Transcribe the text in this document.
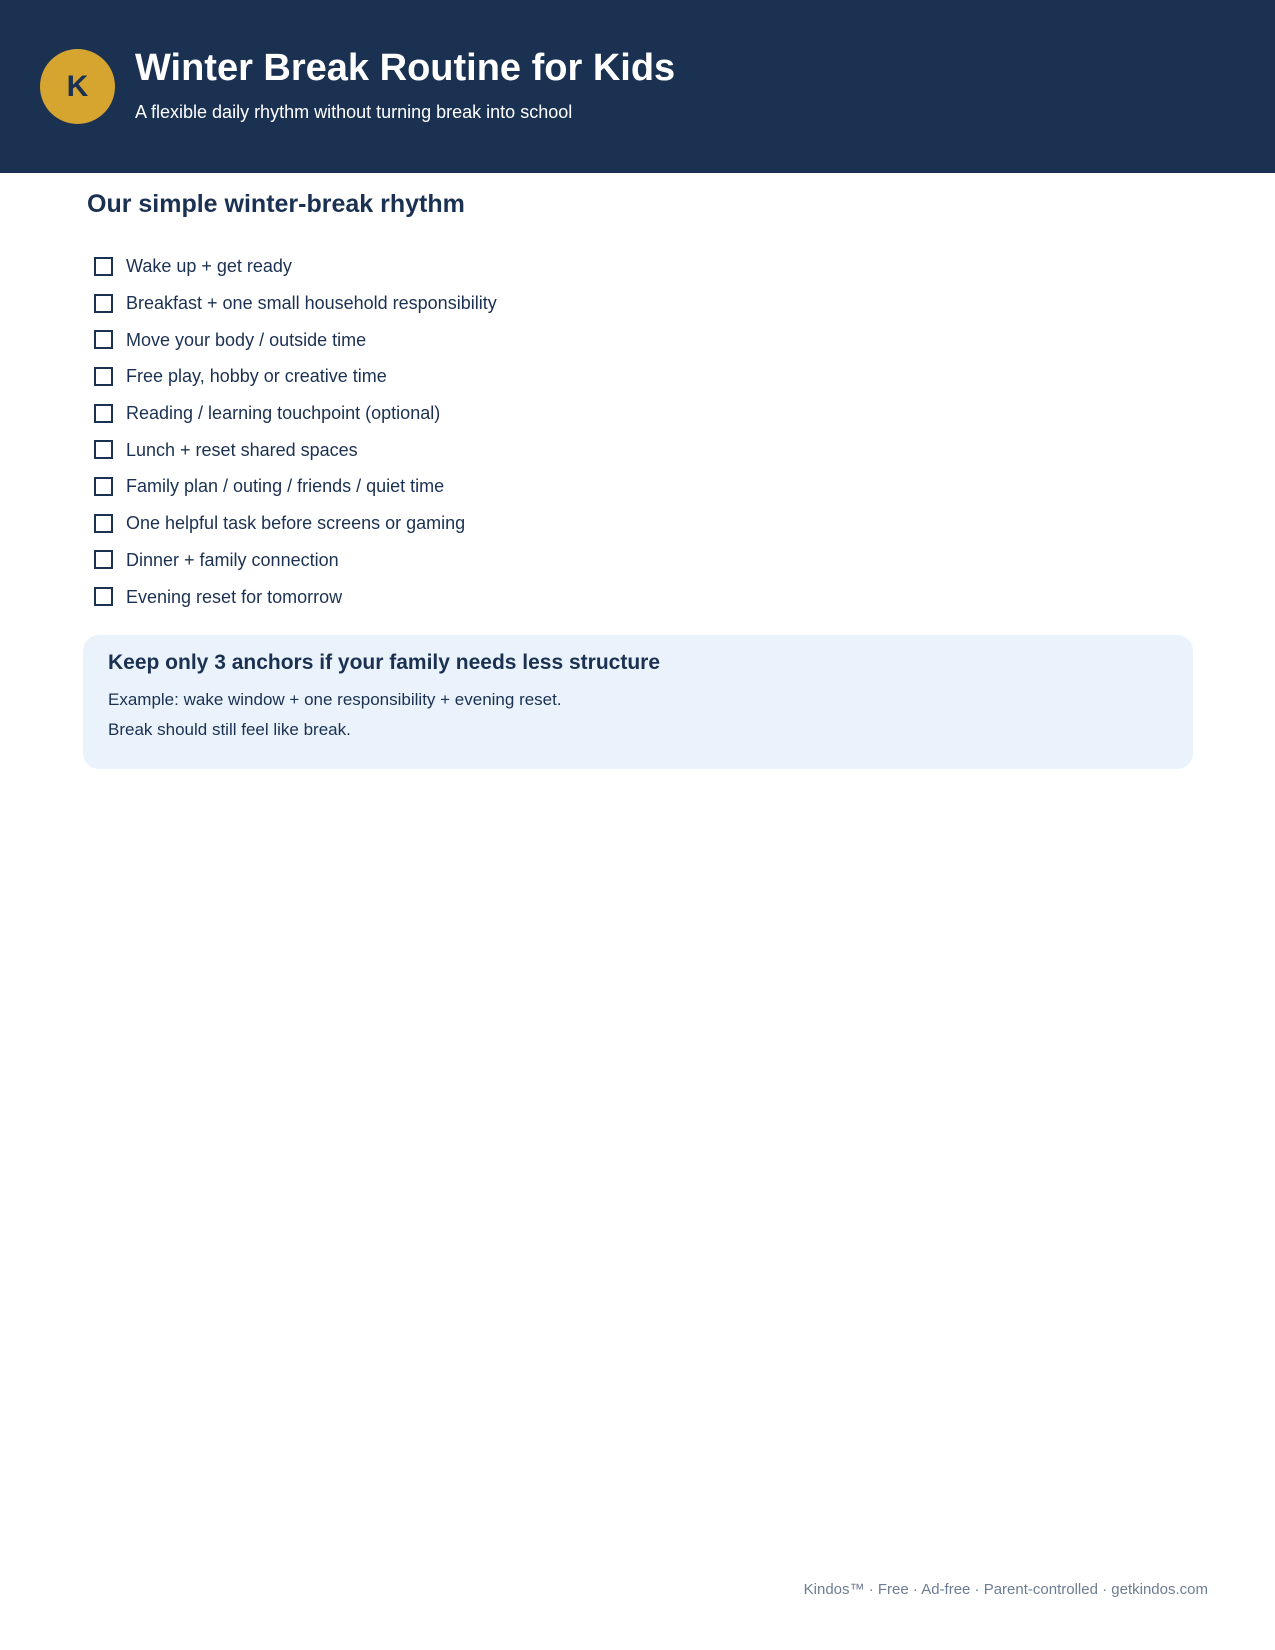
K	Winter Break Routine for Kids
A flexible daily rhythm without turning break into school
Our simple winter-break rhythm
Wake up + get ready
Breakfast + one small household responsibility
Move your body / outside time
Free play, hobby or creative time
Reading / learning touchpoint (optional)
Lunch + reset shared spaces
Family plan / outing / friends / quiet time
One helpful task before screens or gaming
Dinner + family connection
Evening reset for tomorrow
Keep only 3 anchors if your family needs less structure
Example: wake window + one responsibility + evening reset.
Break should still feel like break.
Kindos™ · Free · Ad-free · Parent-controlled · getkindos.com
